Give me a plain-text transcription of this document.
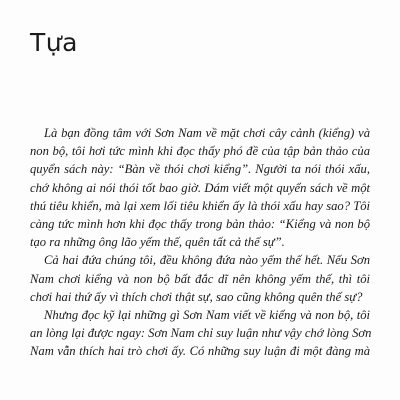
Tựa
Là bạn đồng tâm với Sơn Nam về mặt chơi cây cảnh (kiểng) và
non bộ, tôi hơi tức mình khi đọc thấy phó đề của tập bản thảo của
quyển sách này: “Bàn về thói chơi kiểng”. Người ta nói thói xấu,
chớ không ai nói thói tốt bao giờ. Dám viết một quyển sách về một
thú tiêu khiển, mà lại xem lối tiêu khiển ấy là thói xấu hay sao? Tôi
càng tức mình hơn khi đọc thấy trong bản thảo: “Kiểng và non bộ
tạo ra những ông lão yếm thế, quên tất cả thế sự”.
Cả hai đứa chúng tôi, đều không đứa nào yếm thế hết. Nếu Sơn
Nam chơi kiểng và non bộ bất đắc dĩ nên không yếm thế, thì tôi
chơi hai thứ ấy vì thích chơi thật sự, sao cũng không quên thế sự?
Nhưng đọc kỹ lại những gì Sơn Nam viết về kiểng và non bộ, tôi
an lòng lại được ngay: Sơn Nam chỉ suy luận như vậy chớ lòng Sơn
Nam vẫn thích hai trò chơi ấy. Có những suy luận đi một đàng mà
